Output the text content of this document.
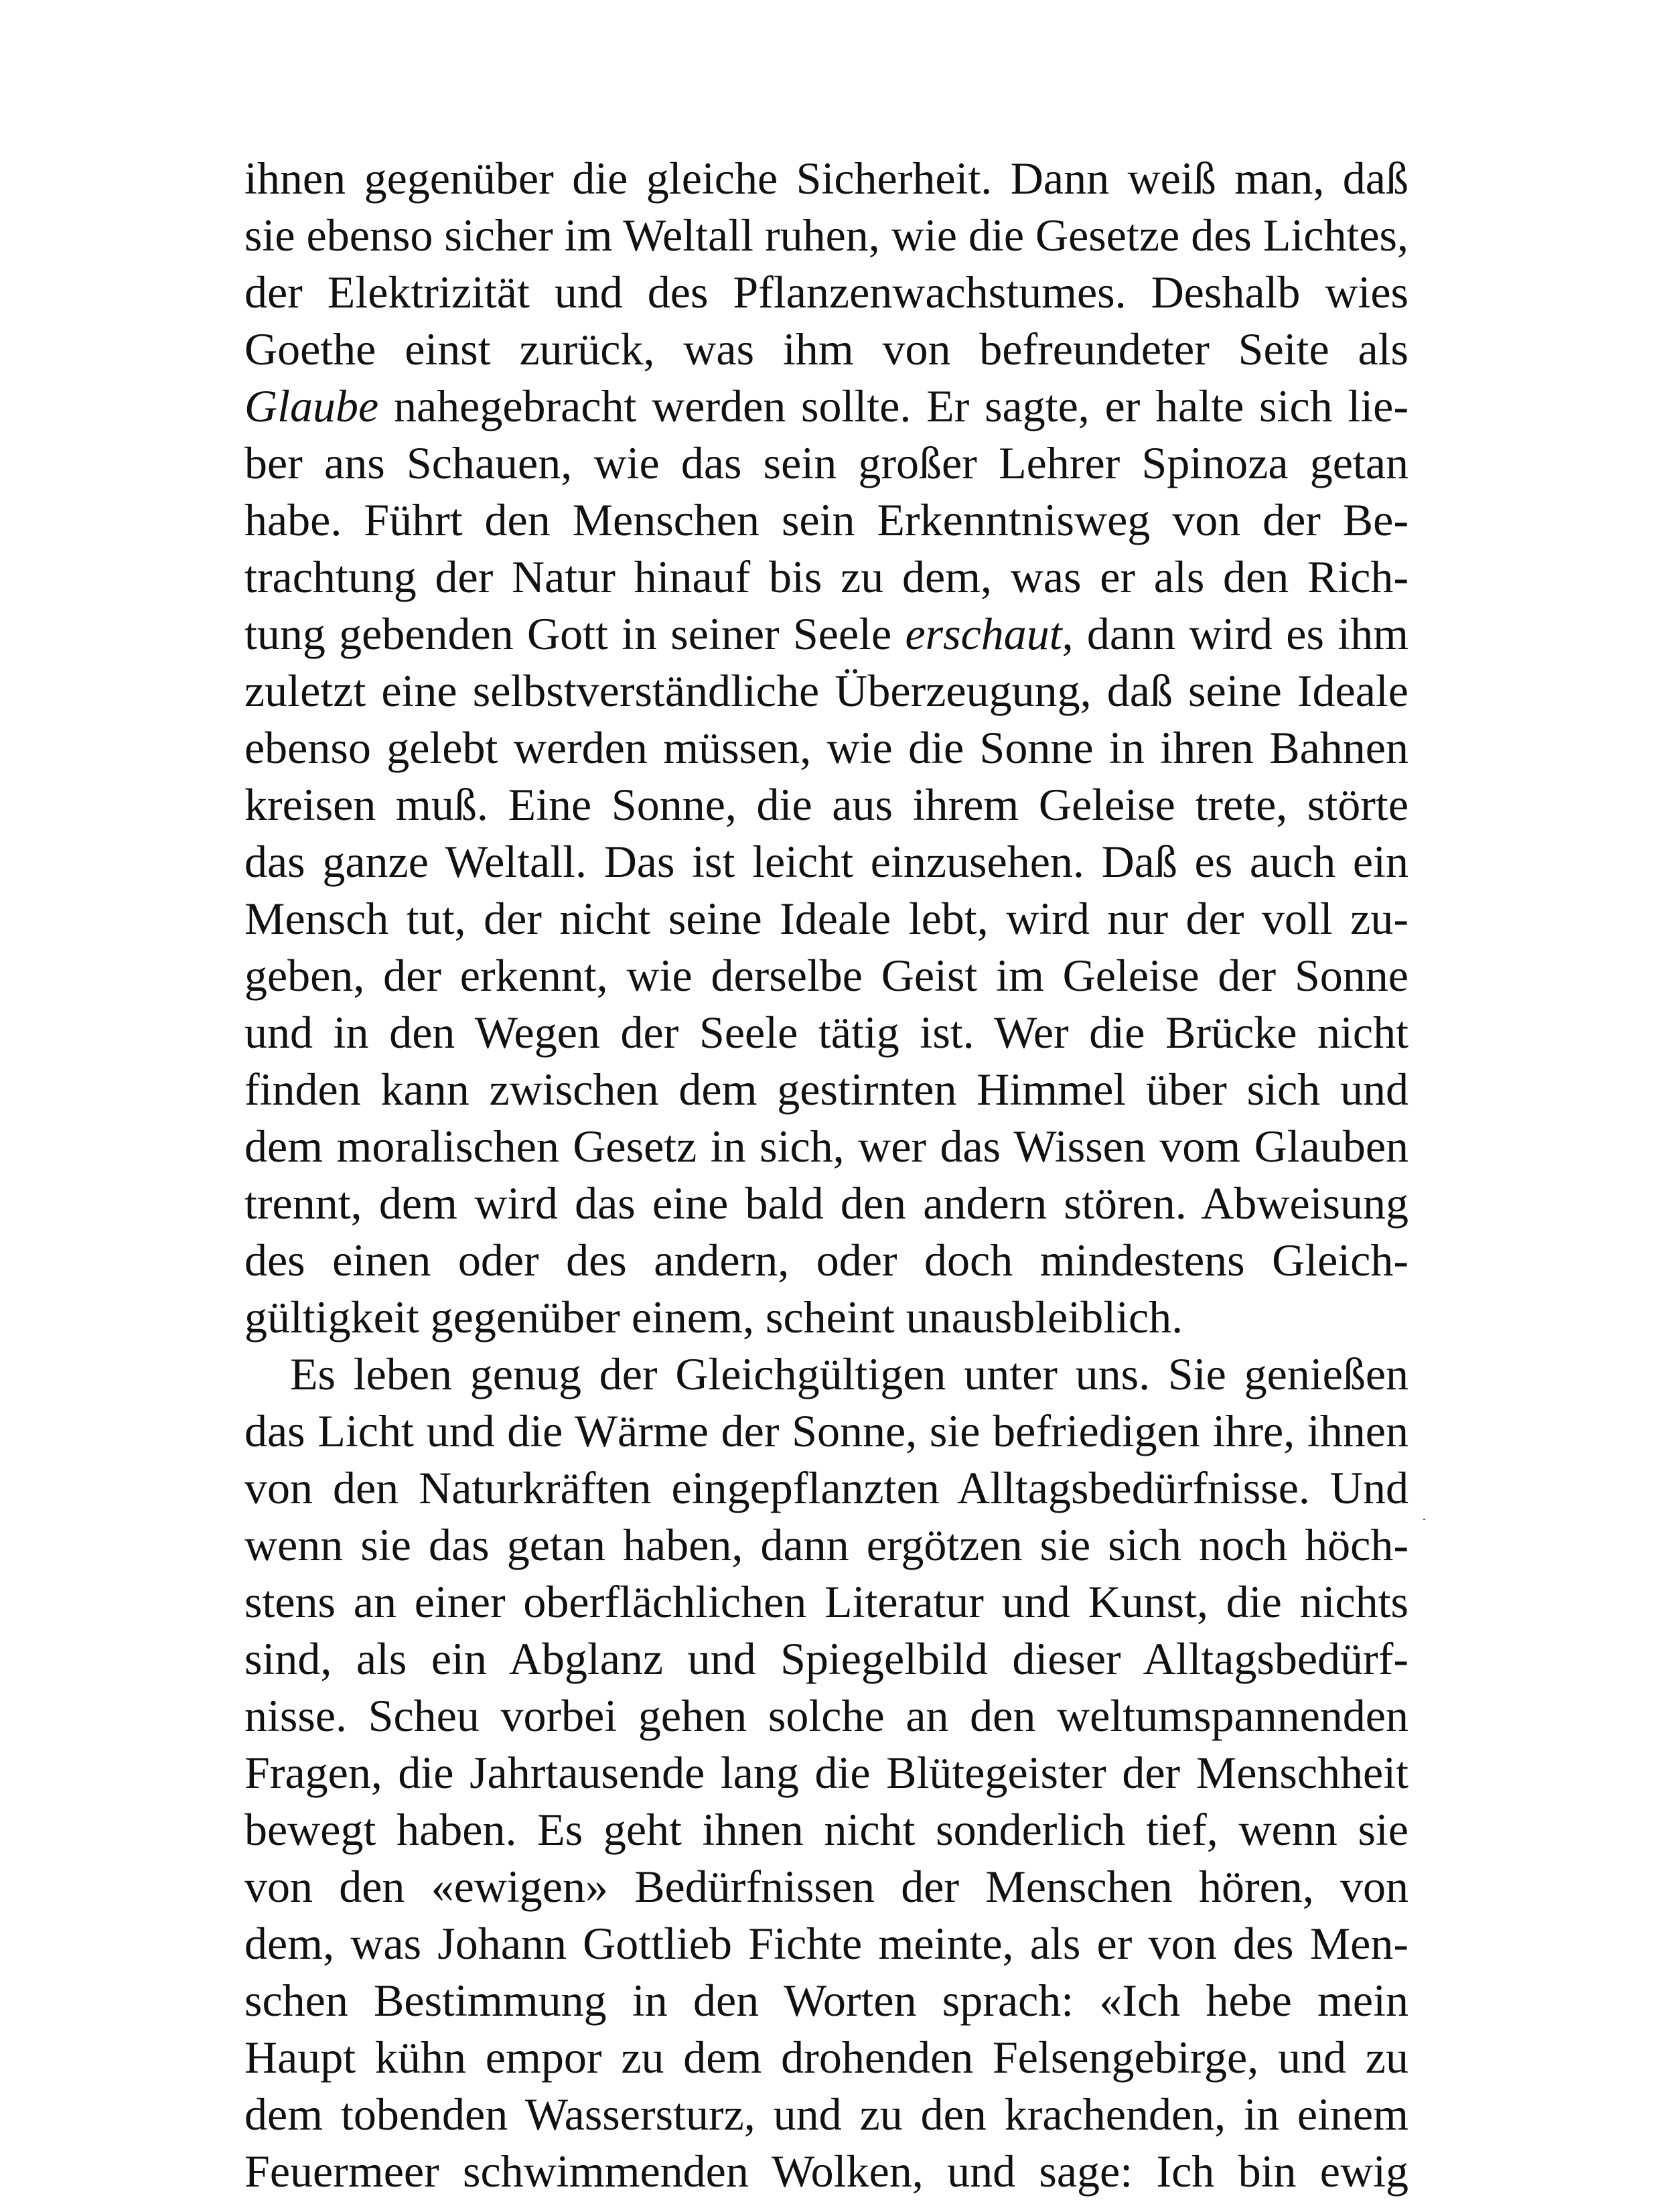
ihnen gegenüber die gleiche Sicherheit. Dann weiß man, daß
sie ebenso sicher im Weltall ruhen, wie die Gesetze des Lichtes,
der Elektrizität und des Pflanzenwachstumes. Deshalb wies
Goethe einst zurück, was ihm von befreundeter Seite als
Glaube nahegebracht werden sollte. Er sagte, er halte sich lie-
ber ans Schauen, wie das sein großer Lehrer Spinoza getan
habe. Führt den Menschen sein Erkenntnisweg von der Be-
trachtung der Natur hinauf bis zu dem, was er als den Rich-
tung gebenden Gott in seiner Seele erschaut, dann wird es ihm
zuletzt eine selbstverständliche Überzeugung, daß seine Ideale
ebenso gelebt werden müssen, wie die Sonne in ihren Bahnen
kreisen muß. Eine Sonne, die aus ihrem Geleise trete, störte
das ganze Weltall. Das ist leicht einzusehen. Daß es auch ein
Mensch tut, der nicht seine Ideale lebt, wird nur der voll zu-
geben, der erkennt, wie derselbe Geist im Geleise der Sonne
und in den Wegen der Seele tätig ist. Wer die Brücke nicht
finden kann zwischen dem gestirnten Himmel über sich und
dem moralischen Gesetz in sich, wer das Wissen vom Glauben
trennt, dem wird das eine bald den andern stören. Abweisung
des einen oder des andern, oder doch mindestens Gleich-
gültigkeit gegenüber einem, scheint unausbleiblich.
Es leben genug der Gleichgültigen unter uns. Sie genießen
das Licht und die Wärme der Sonne, sie befriedigen ihre, ihnen
von den Naturkräften eingepflanzten Alltagsbedürfnisse. Und
wenn sie das getan haben, dann ergötzen sie sich noch höch-
stens an einer oberflächlichen Literatur und Kunst, die nichts
sind, als ein Abglanz und Spiegelbild dieser Alltagsbedürf-
nisse. Scheu vorbei gehen solche an den weltumspannenden
Fragen, die Jahrtausende lang die Blütegeister der Menschheit
bewegt haben. Es geht ihnen nicht sonderlich tief, wenn sie
von den «ewigen» Bedürfnissen der Menschen hören, von
dem, was Johann Gottlieb Fichte meinte, als er von des Men-
schen Bestimmung in den Worten sprach: «Ich hebe mein
Haupt kühn empor zu dem drohenden Felsengebirge, und zu
dem tobenden Wassersturz, und zu den krachenden, in einem
Feuermeer schwimmenden Wolken, und sage: Ich bin ewig
